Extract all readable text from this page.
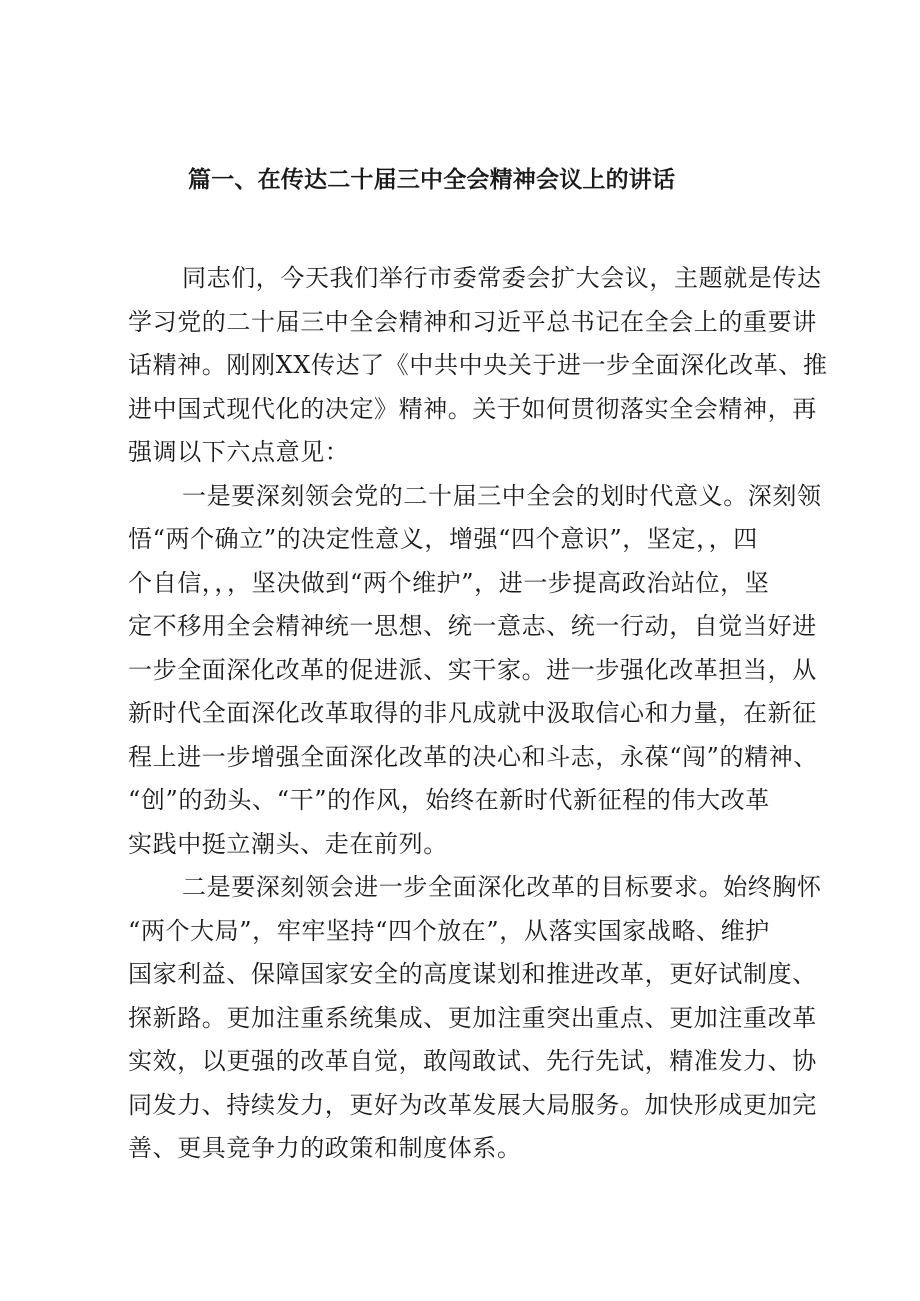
篇一、在传达二十届三中全会精神会议上的讲话
同志们，今天我们举行市委常委会扩大会议，主题就是传达
学习党的二十届三中全会精神和习近平总书记在全会上的重要讲
话精神。刚刚XX传达了《中共中央关于进一步全面深化改革、推
进中国式现代化的决定》精神。关于如何贯彻落实全会精神，再
强调以下六点意见：
一是要深刻领会党的二十届三中全会的划时代意义。深刻领
悟“两个确立”的决定性意义，增强“四个意识”，坚定，，四
个自信，，，坚决做到“两个维护”，进一步提高政治站位，坚
定不移用全会精神统一思想、统一意志、统一行动，自觉当好进
一步全面深化改革的促进派、实干家。进一步强化改革担当，从
新时代全面深化改革取得的非凡成就中汲取信心和力量，在新征
程上进一步增强全面深化改革的决心和斗志，永葆“闯”的精神、
“创”的劲头、“干”的作风，始终在新时代新征程的伟大改革
实践中挺立潮头、走在前列。
二是要深刻领会进一步全面深化改革的目标要求。始终胸怀
“两个大局”，牢牢坚持“四个放在”，从落实国家战略、维护
国家利益、保障国家安全的高度谋划和推进改革，更好试制度、
探新路。更加注重系统集成、更加注重突出重点、更加注重改革
实效，以更强的改革自觉，敢闯敢试、先行先试，精准发力、协
同发力、持续发力，更好为改革发展大局服务。加快形成更加完
善、更具竞争力的政策和制度体系。
